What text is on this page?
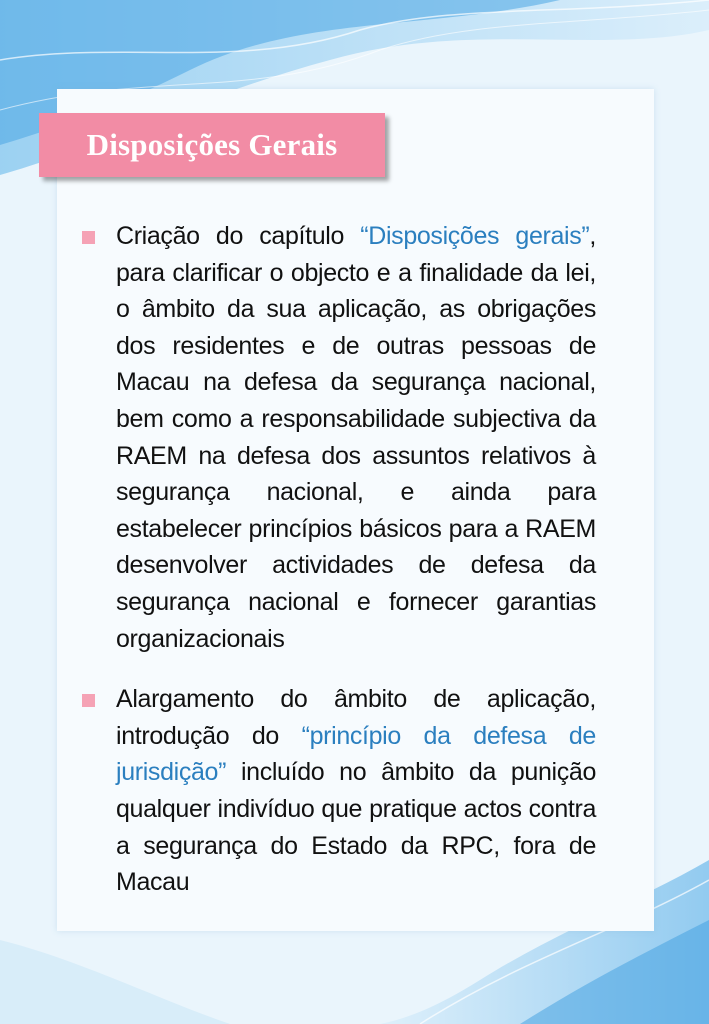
Disposições Gerais

Criação do capítulo “Disposições gerais”, para clarificar o objecto e a finalidade da lei, o âmbito da sua aplicação, as obrigações dos residentes e de outras pessoas de Macau na defesa da segurança nacional, bem como a responsabilidade subjectiva da RAEM na defesa dos assuntos relativos à segurança nacional, e ainda para estabelecer princípios básicos para a RAEM desenvolver actividades de defesa da segurança nacional e fornecer garantias organizacionais

Alargamento do âmbito de aplicação, introdução do “princípio da defesa de jurisdição” incluído no âmbito da punição qualquer indivíduo que pratique actos contra a segurança do Estado da RPC, fora de Macau
